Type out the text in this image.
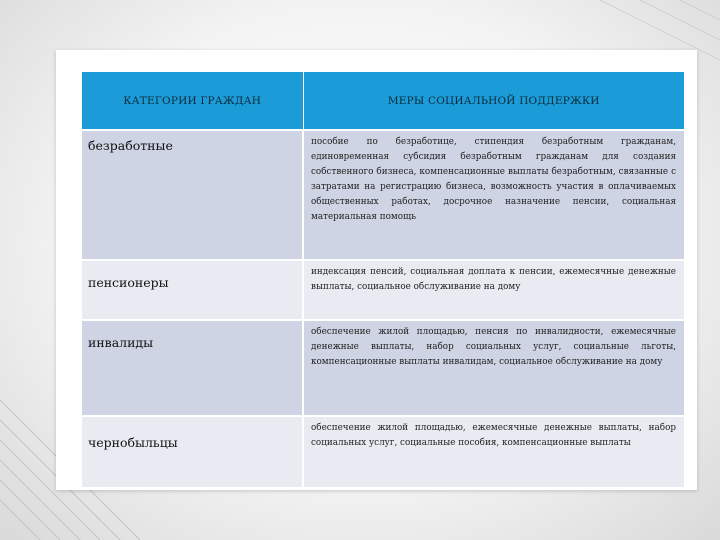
КАТЕГОРИИ ГРАЖДАН	МЕРЫ СОЦИАЛЬНОЙ ПОДДЕРЖКИ
безработные	пособие по безработице, стипендия безработным гражданам, единовременная субсидия безработным гражданам для создания собственного бизнеса, компенсационные выплаты безработным, связанные с затратами на регистрацию бизнеса, возможность участия в оплачиваемых общественных работах, досрочное назначение пенсии, социальная материальная помощь
пенсионеры	индексация пенсий, социальная доплата к пенсии, ежемесячные денежные выплаты, социальное обслуживание на дому
инвалиды	обеспечение жилой площадью, пенсия по инвалидности, ежемесячные денежные выплаты, набор социальных услуг, социальные льготы, компенсационные выплаты инвалидам, социальное обслуживание на дому
чернобыльцы	обеспечение жилой площадью, ежемесячные денежные выплаты, набор социальных услуг, социальные пособия, компенсационные выплаты
